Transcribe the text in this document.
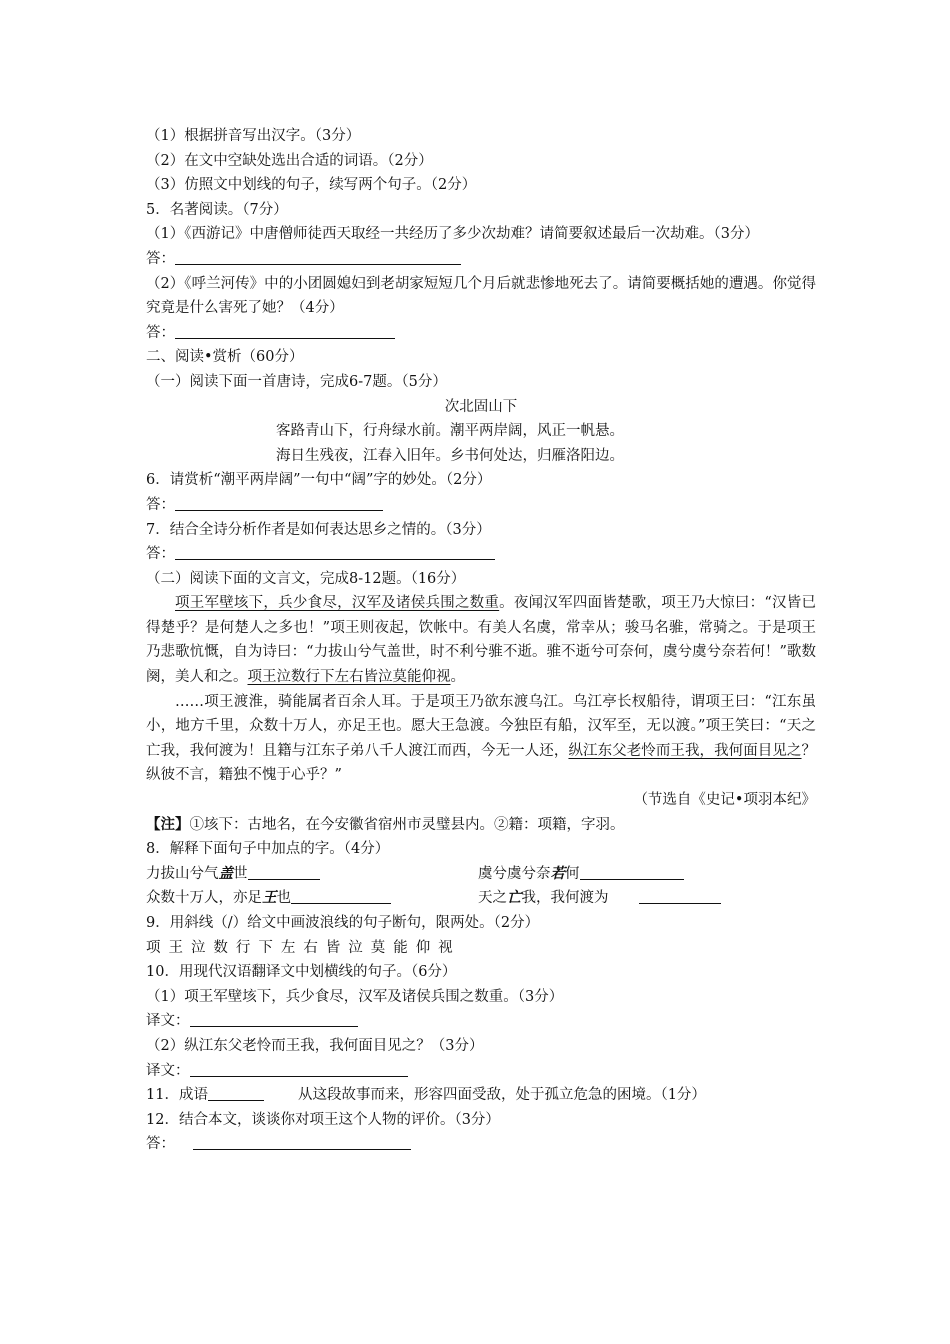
（1）根据拼音写出汉字。（3分）
（2）在文中空缺处选出合适的词语。（2分）
（3）仿照文中划线的句子，续写两个句子。（2分）
5．名著阅读。（7分）
（1）《西游记》中唐僧师徒西天取经一共经历了多少次劫难？请简要叙述最后一次劫难。（3分）
答：
（2）《呼兰河传》中的小团圆媳妇到老胡家短短几个月后就悲惨地死去了。请简要概括她的遭遇。你觉得究竟是什么害死了她？（4分）
答：
二、阅读•赏析（60分）
（一）阅读下面一首唐诗，完成6-7题。（5分）
次北固山下
客路青山下，行舟绿水前。潮平两岸阔，风正一帆悬。
海日生残夜，江春入旧年。乡书何处达，归雁洛阳边。
6．请赏析“潮平两岸阔”一句中“阔”字的妙处。（2分）
答：
7．结合全诗分析作者是如何表达思乡之情的。（3分）
答：
（二）阅读下面的文言文，完成8-12题。（16分）
项王军壁垓下，兵少食尽，汉军及诸侯兵围之数重。夜闻汉军四面皆楚歌，项王乃大惊曰：“汉皆已得楚乎？是何楚人之多也！”项王则夜起，饮帐中。有美人名虞，常幸从；骏马名骓，常骑之。于是项王乃悲歌忼慨，自为诗曰：“力拔山兮气盖世，时不利兮骓不逝。骓不逝兮可奈何，虞兮虞兮奈若何！”歌数阕，美人和之。项王泣数行下左右皆泣莫能仰视。
……项王渡淮，骑能属者百余人耳。于是项王乃欲东渡乌江。乌江亭长杈船待，谓项王曰：“江东虽小，地方千里，众数十万人，亦足王也。愿大王急渡。今独臣有船，汉军至，无以渡。”项王笑曰：“天之亡我，我何渡为！且籍与江东子弟八千人渡江而西，今无一人还，纵江东父老怜而王我，我何面目见之？纵彼不言，籍独不愧于心乎？”
（节选自《史记•项羽本纪》
【注】①垓下：古地名，在今安徽省宿州市灵璧县内。②籍：项籍，字羽。
8．解释下面句子中加点的字。（4分）
力拔山兮气盖世	虞兮虞兮奈若何
众数十万人，亦足王也	天之亡我，我何渡为
9．用斜线（/）给文中画波浪线的句子断句，限两处。（2分）
项王泣数行下左右皆泣莫能仰视
10．用现代汉语翻译文中划横线的句子。（6分）
（1）项王军壁垓下，兵少食尽，汉军及诸侯兵围之数重。（3分）
译文：
（2）纵江东父老怜而王我，我何面目见之？（3分）
译文：
11．成语	从这段故事而来，形容四面受敌，处于孤立危急的困境。（1分）
12．结合本文，谈谈你对项王这个人物的评价。（3分）
答：
